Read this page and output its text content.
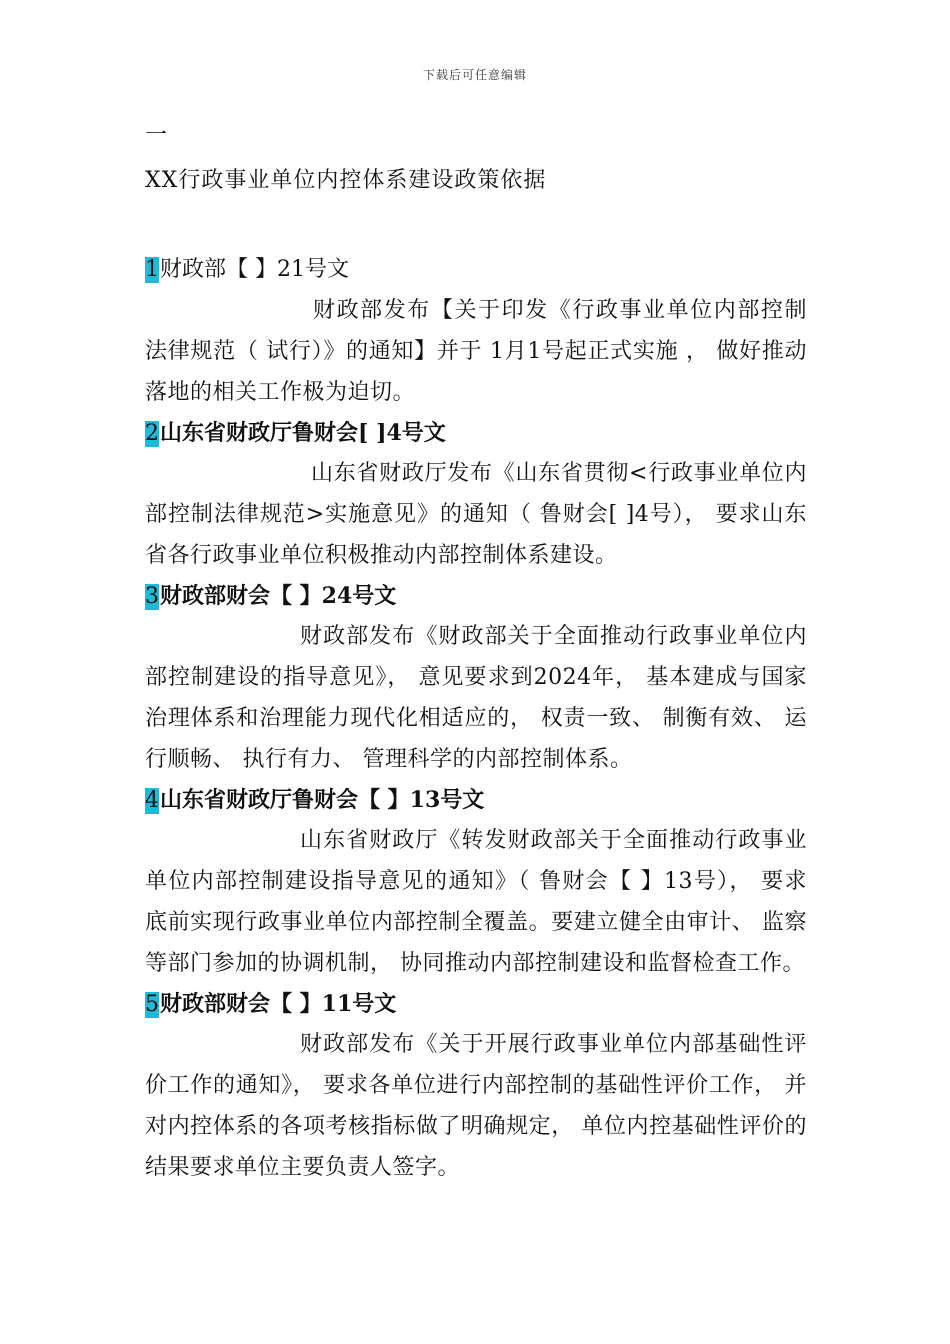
下载后可任意编辑
一
XX行政事业单位内控体系建设政策依据
1财政部【 】21号文

财政部发布【关于印发《行政事业单位内部控制法律规范（ 试行）》的通知】并于 1月1号起正式实施 ， 做好推动落地的相关工作极为迫切。

2山东省财政厅鲁财会[ ]4号文

山东省财政厅发布《山东省贯彻<行政事业单位内部控制法律规范>实施意见》的通知（ 鲁财会[ ]4号）， 要求山东省各行政事业单位积极推动内部控制体系建设。

3财政部财会【 】24号文

财政部发布《财政部关于全面推动行政事业单位内部控制建设的指导意见》， 意见要求到2024年， 基本建成与国家治理体系和治理能力现代化相适应的， 权责一致、 制衡有效、 运行顺畅、 执行有力、 管理科学的内部控制体系。

4山东省财政厅鲁财会【 】13号文

山东省财政厅《转发财政部关于全面推动行政事业单位内部控制建设指导意见的通知》（ 鲁财会【 】13号）， 要求 底前实现行政事业单位内部控制全覆盖。要建立健全由审计、 监察等部门参加的协调机制， 协同推动内部控制建设和监督检查工作。

5财政部财会【 】11号文

财政部发布《关于开展行政事业单位内部基础性评价工作的通知》， 要求各单位进行内部控制的基础性评价工作， 并对内控体系的各项考核指标做了明确规定， 单位内控基础性评价的结果要求单位主要负责人签字。
